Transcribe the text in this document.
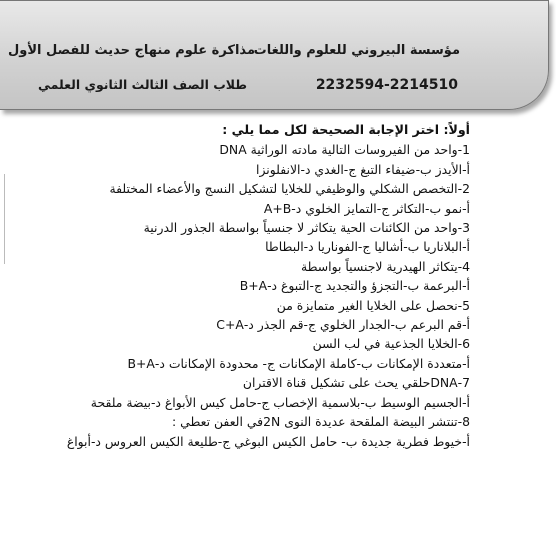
مؤسسة البيروني للعلوم واللغات
2232594-2214510
مذاكرة علوم منهاج حديث للفصل الأول
طلاب الصف الثالث الثانوي العلمي
أولاً: اختر الإجابة الصحيحة لكل مما يلي :
1-واحد من الفيروسات التالية مادته الوراثية DNA
أ-الأيدز ب-ضيفاء التبغ ج-الغدي د-الانفلونزا
2-التخصص الشكلي والوظيفي للخلايا لتشكيل النسج والأعضاء المختلفة
أ-نمو ب-التكاثر ج-التمايز الخلوي د-A+B
3-واحد من الكائنات الحية يتكاثر لا جنسياً بواسطة الجذور الدرنية
أ-البلاناريا ب-أشاليا ج-الفوناريا د-البطاطا
4-يتكاثر الهيدرية لاجنسياً بواسطة
أ-البرعمة ب-التجزؤ والتجديد ج-التبوغ د-B+A
5-نحصل على الخلايا الغير متمايزة من
أ-قم البرعم ب-الجدار الخلوي ج-قم الجذر د-C+A
6-الخلايا الجذعية في لب السن
أ-متعددة الإمكانات ب-كاملة الإمكانات ج- محدودة الإمكانات د-B+A
7-DNAحلقي يحث على تشكيل قناة الاقتران
أ-الجسيم الوسيط ب-بلاسمية الإخصاب ج-حامل كيس الأبواغ د-بيضة ملقحة
8-تنتشر البيضة الملقحة عديدة النوى 2Nفي العفن تعطي :
أ-خيوط فطرية جديدة ب- حامل الكيس البوغي ج-طليعة الكيس العروس د-أبواغ
